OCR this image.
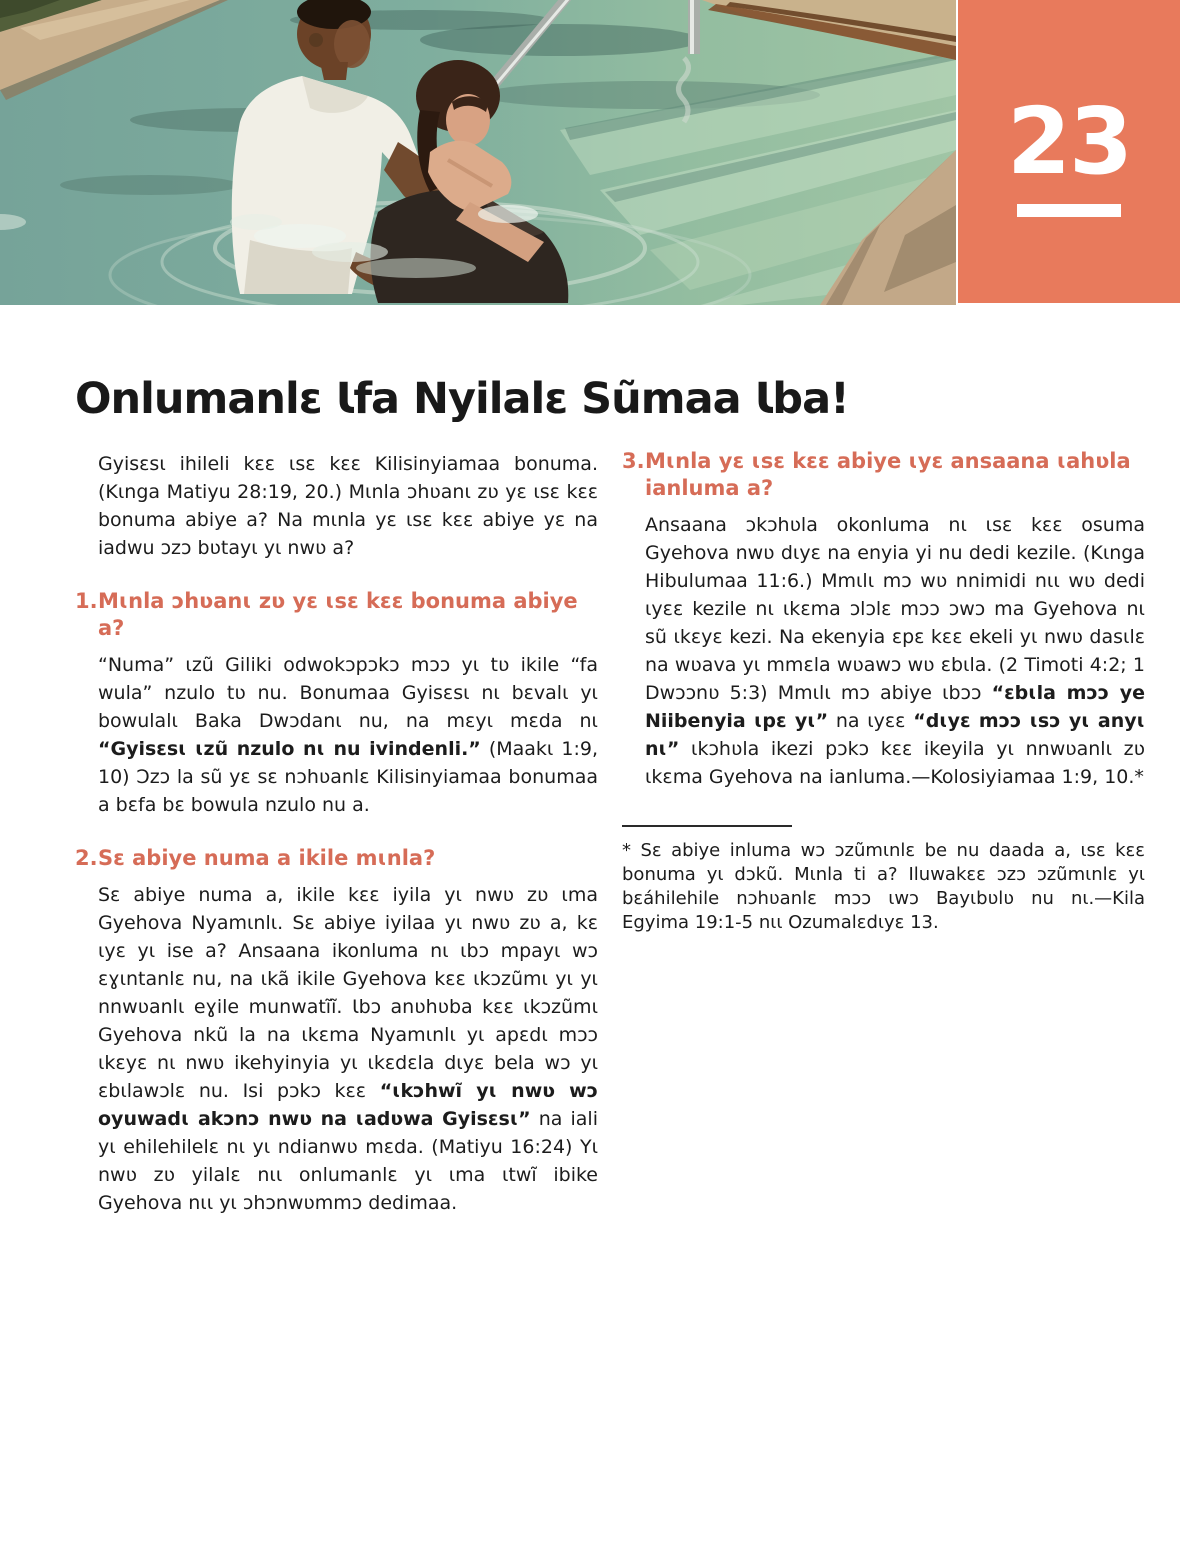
23
Onlumanlɛ Ɩfa Nyilalɛ Sũmaa Ɩba!

Gyisɛsɩ ihileli kɛɛ ɩsɛ kɛɛ Kilisinyiamaa bonuma. (Kɩnga Matiyu 28:19, 20.) Mɩnla ɔhʋanɩ zʋ yɛ ɩsɛ kɛɛ bonuma abiye a? Na mɩnla yɛ ɩsɛ kɛɛ abiye yɛ na iadwu ɔzɔ bʋtayɩ yɩ nwʋ a?

1. Mɩnla ɔhʋanɩ zʋ yɛ ɩsɛ kɛɛ bonuma abiye a?

“Numa” ɩzũ Giliki odwokɔpɔkɔ mɔɔ yɩ tʋ ikile “fa wula” nzulo tʋ nu. Bonumaa Gyisɛsɩ nɩ bɛvalɩ yɩ bowulalɩ Baka Dwɔdanɩ nu, na mɛyɩ mɛda nɩ “Gyisɛsɩ ɩzũ nzulo nɩ nu ivindenli.” (Maakɩ 1:9, 10) Ɔzɔ la sũ yɛ sɛ nɔhʋanlɛ Kilisinyiamaa bonumaa a bɛfa bɛ bowula nzulo nu a.

2. Sɛ abiye numa a ikile mɩnla?

Sɛ abiye numa a, ikile kɛɛ iyila yɩ nwʋ zʋ ɩma Gyehova Nyamɩnlɩ. Sɛ abiye iyilaa yɩ nwʋ zʋ a, kɛ ɩyɛ yɩ ise a? Ansaana ikonluma nɩ ɩbɔ mpayɩ wɔ ɛɣɩntanlɛ nu, na ɩkã ikile Gyehova kɛɛ ɩkɔzũmɩ yɩ yɩ nnwʋanlɩ eɣile munwatĩĩ. Ɩbɔ anʋhʋba kɛɛ ɩkɔzũmɩ Gyehova nkũ la na ɩkɛma Nyamɩnlɩ yɩ apɛdɩ mɔɔ ɩkɛyɛ nɩ nwʋ ikehyinyia yɩ ɩkɛdɛla dɩyɛ bela wɔ yɩ ɛbɩlawɔlɛ nu. Isi pɔkɔ kɛɛ “ɩkɔhwĩ yɩ nwʋ wɔ oyuwadɩ akɔnɔ nwʋ na ɩadʋwa Gyisɛsɩ” na iali yɩ ehilehilelɛ nɩ yɩ ndianwʋ mɛda. (Matiyu 16:24) Yɩ nwʋ zʋ yilalɛ nɩɩ onlumanlɛ yɩ ɩma ɩtwĩ ibike Gyehova nɩɩ yɩ ɔhɔnwʋmmɔ dedimaa.

3. Mɩnla yɛ ɩsɛ kɛɛ abiye ɩyɛ ansaana ɩahʋla ianluma a?

Ansaana ɔkɔhʋla okonluma nɩ ɩsɛ kɛɛ osuma Gyehova nwʋ dɩyɛ na enyia yi nu dedi kezile. (Kɩnga Hibulumaa 11:6.) Mmɩlɩ mɔ wʋ nnimidi nɩɩ wʋ dedi ɩyɛɛ kezile nɩ ɩkɛma ɔlɔlɛ mɔɔ ɔwɔ ma Gyehova nɩ sũ ɩkɛyɛ kezi. Na ekenyia ɛpɛ kɛɛ ekeli yɩ nwʋ dasɩlɛ na wʋava yɩ mmɛla wʋawɔ wʋ ɛbɩla. (2 Timoti 4:2; 1 Dwɔɔnʋ 5:3) Mmɩlɩ mɔ abiye ɩbɔɔ “ɛbɩla mɔɔ ye Niibenyia ɩpɛ yɩ” na ɩyɛɛ “dɩyɛ mɔɔ ɩsɔ yɩ anyɩ nɩ” ɩkɔhʋla ikezi pɔkɔ kɛɛ ikeyila yɩ nnwʋanlɩ zʋ ɩkɛma Gyehova na ianluma.—Kolosiyiamaa 1:9, 10.*

* Sɛ abiye inluma wɔ ɔzũmɩnlɛ be nu daada a, ɩsɛ kɛɛ bonuma yɩ dɔkũ. Mɩnla ti a? Iluwakɛɛ ɔzɔ ɔzũmɩnlɛ yɩ bɛáhilehile nɔhʋanlɛ mɔɔ ɩwɔ Bayɩbʋlʋ nu nɩ.—Kila Egyima 19:1-5 nɩɩ Ozumalɛdɩyɛ 13.
